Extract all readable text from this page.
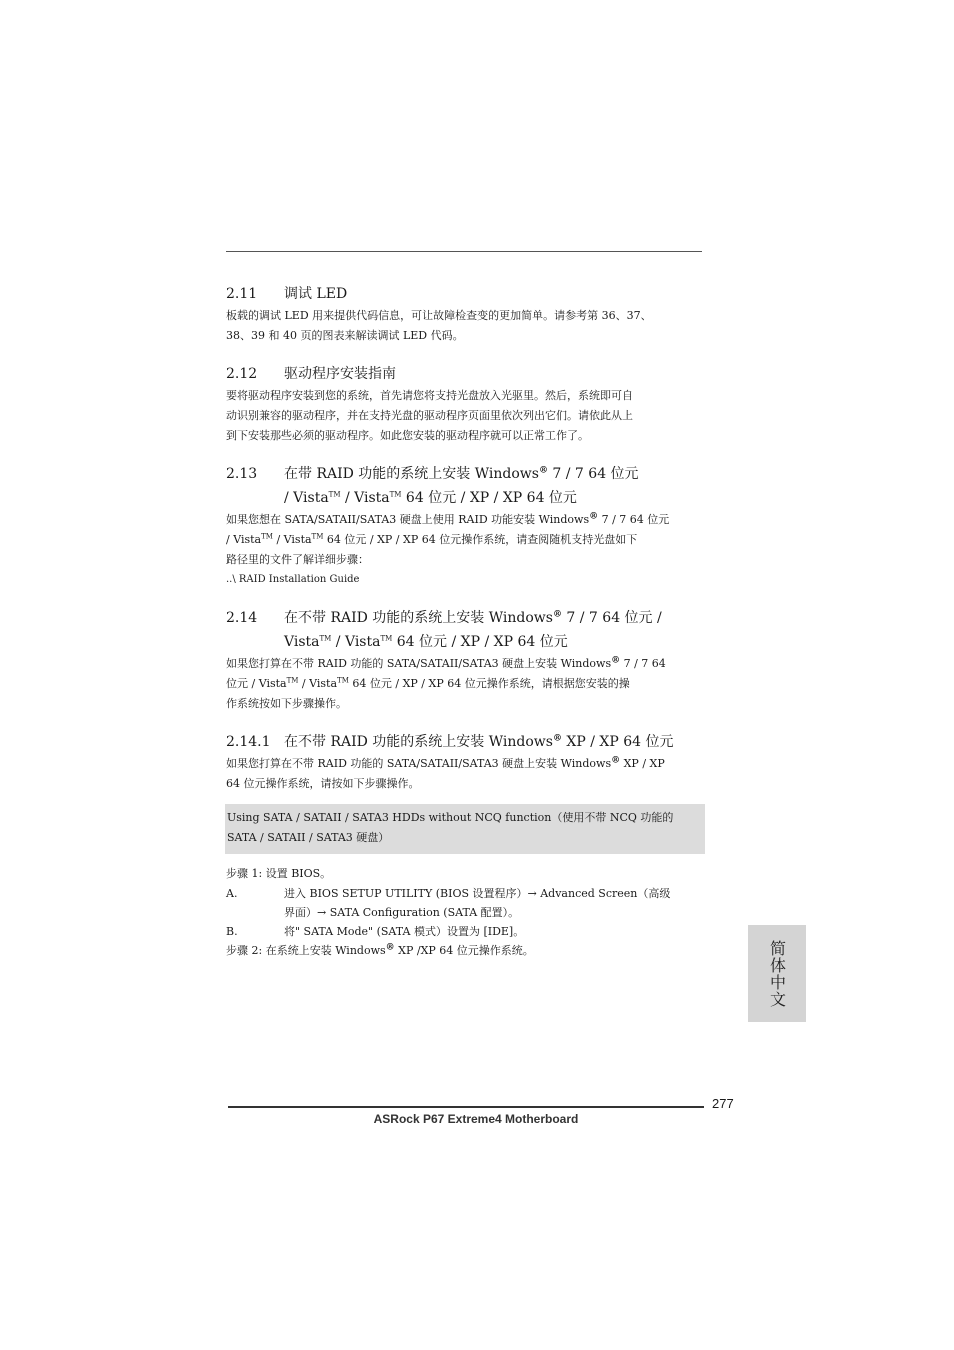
2.11 调试 LED

板载的调试 LED 用来提供代码信息，可让故障检查变的更加简单。请参考第 36、37、

38、39 和 40 页的图表来解读调试 LED 代码。

2.12 驱动程序安装指南

要将驱动程序安装到您的系统，首先请您将支持光盘放入光驱里。然后，系统即可自

动识别兼容的驱动程序，并在支持光盘的驱动程序页面里依次列出它们。请依此从上

到下安装那些必须的驱动程序。如此您安装的驱动程序就可以正常工作了。

2.13 在带 RAID 功能的系统上安装 Windows® 7 / 7 64 位元
/ Vista™ / Vista™ 64 位元 / XP / XP 64 位元

如果您想在 SATA/SATAII/SATA3 硬盘上使用 RAID 功能安装 Windows® 7 / 7 64 位元

/ Vista™ / Vista™ 64 位元 / XP / XP 64 位元操作系统，请查阅随机支持光盘如下

路径里的文件了解详细步骤：

..\ RAID Installation Guide

2.14 在不带 RAID 功能的系统上安装 Windows® 7 / 7 64 位元 /
Vista™ / Vista™ 64 位元 / XP / XP 64 位元

如果您打算在不带 RAID 功能的 SATA/SATAII/SATA3 硬盘上安装 Windows® 7 / 7 64

位元 / Vista™ / Vista™ 64 位元 / XP / XP 64 位元操作系统，请根据您安装的操

作系统按如下步骤操作。

2.14.1 在不带 RAID 功能的系统上安装 Windows® XP / XP 64 位元

如果您打算在不带 RAID 功能的 SATA/SATAII/SATA3 硬盘上安装 Windows® XP / XP

64 位元操作系统，请按如下步骤操作。

Using SATA / SATAII / SATA3 HDDs without NCQ function（使用不带 NCQ 功能的

SATA / SATAII / SATA3 硬盘）

步骤 1: 设置 BIOS。

A.	进入 BIOS SETUP UTILITY (BIOS 设置程序）→ Advanced Screen（高级
界面）→ SATA Configuration (SATA 配置）。
B.	将" SATA Mode" (SATA 模式）设置为 [IDE]。

步骤 2: 在系统上安装 Windows® XP /XP 64 位元操作系统。	简体中文
277
ASRock P67 Extreme4 Motherboard
